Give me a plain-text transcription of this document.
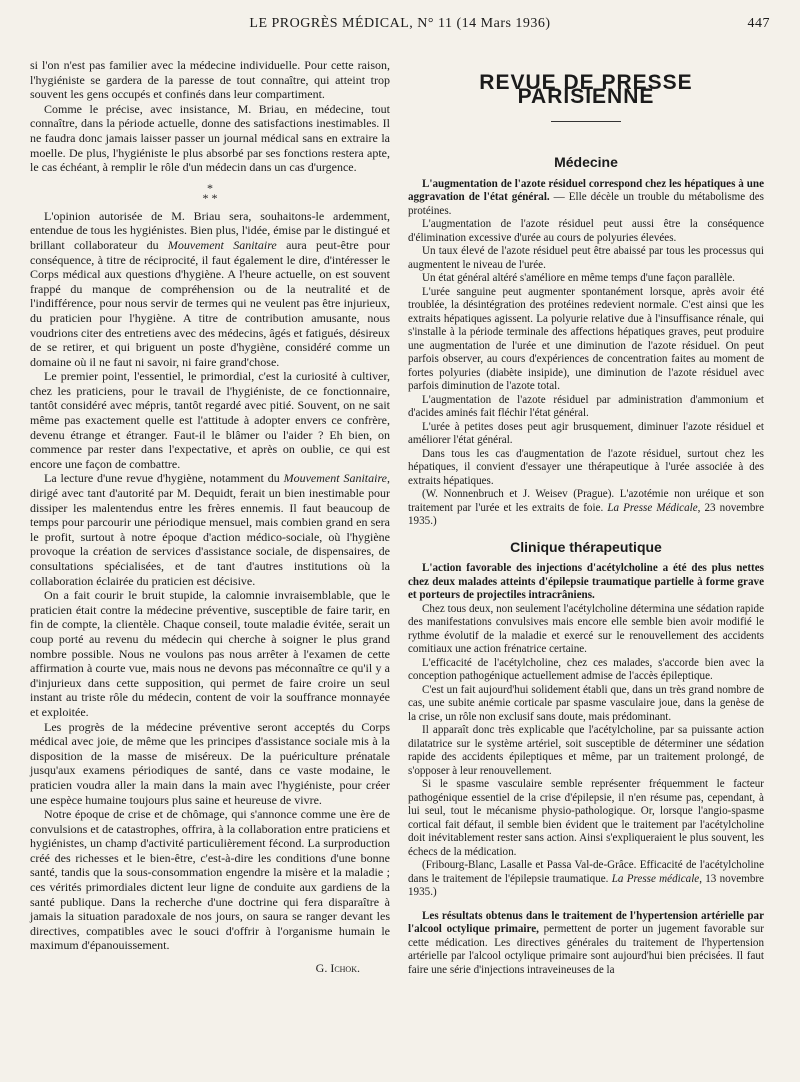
LE PROGRÈS MÉDICAL, N° 11 (14 Mars 1936)	447

si l'on n'est pas familier avec la médecine individuelle. Pour cette raison, l'hygiéniste se gardera de la paresse de tout connaître, qui atteint trop souvent les gens occupés et confinés dans leur compartiment.

Comme le précise, avec insistance, M. Briau, en médecine, tout connaître, dans la période actuelle, donne des satisfactions inestimables. Il ne faudra donc jamais laisser passer un journal médical sans en extraire la moelle. De plus, l'hygiéniste le plus absorbé par ses fonctions restera apte, le cas échéant, à remplir le rôle d'un médecin dans un cas d'urgence.

*
* *

L'opinion autorisée de M. Briau sera, souhaitons-le ardemment, entendue de tous les hygiénistes. Bien plus, l'idée, émise par le distingué et brillant collaborateur du Mouvement Sanitaire aura peut-être pour conséquence, à titre de réciprocité, il faut également le dire, d'intéresser le Corps médical aux questions d'hygiène. A l'heure actuelle, on est souvent frappé du manque de compréhension ou de la neutralité et de l'indifférence, pour nous servir de termes qui ne veulent pas être injurieux, du praticien pour l'hygiène. A titre de contribution amusante, nous voudrions citer des entretiens avec des médecins, âgés et fatigués, désireux de se retirer, et qui briguent un poste d'hygiène, considéré comme un domaine où il ne faut ni savoir, ni faire grand'chose.

Le premier point, l'essentiel, le primordial, c'est la curiosité à cultiver, chez les praticiens, pour le travail de l'hygiéniste, de ce fonctionnaire, tantôt considéré avec mépris, tantôt regardé avec pitié. Souvent, on ne sait même pas exactement quelle est l'attitude à adopter envers ce confrère, devenu étrange et étranger. Faut-il le blâmer ou l'aider ? Eh bien, on commence par rester dans l'expectative, et après on oublie, ce qui est encore une façon de combattre.

La lecture d'une revue d'hygiène, notamment du Mouvement Sanitaire, dirigé avec tant d'autorité par M. Dequidt, ferait un bien inestimable pour dissiper les malentendus entre les frères ennemis. Il faut beaucoup de temps pour parcourir une périodique mensuel, mais combien grand en sera le profit, surtout à notre époque d'action médico-sociale, où l'hygiène provoque la création de services d'assistance sociale, de dispensaires, de consultations spécialisées, et de tant d'autres institutions où la collaboration éclairée du praticien est décisive.

On a fait courir le bruit stupide, la calomnie invraisemblable, que le praticien était contre la médecine préventive, susceptible de faire tarir, en fin de compte, la clientèle. Chaque conseil, toute maladie évitée, serait un coup porté au revenu du médecin qui cherche à soigner le plus grand nombre possible. Nous ne voulons pas nous arrêter à l'examen de cette affirmation à courte vue, mais nous ne devons pas méconnaître ce qu'il y a d'injurieux dans cette supposition, qui permet de faire croire un seul instant au triste rôle du médecin, content de voir la souffrance monnayée et exploitée.

Les progrès de la médecine préventive seront acceptés du Corps médical avec joie, de même que les principes d'assistance sociale mis à la disposition de la masse de miséreux. De la puériculture prénatale jusqu'aux examens périodiques de santé, dans ce vaste modaine, le praticien voudra aller la main dans la main avec l'hygiéniste, pour créer une espèce humaine toujours plus saine et heureuse de vivre.

Notre époque de crise et de chômage, qui s'annonce comme une ère de convulsions et de catastrophes, offrira, à la collaboration entre praticiens et hygiénistes, un champ d'activité particulièrement fécond. La surproduction créé des richesses et le bien-être, c'est-à-dire les conditions d'une bonne santé, tandis que la sous-consommation engendre la misère et la maladie ; ces vérités primordiales dictent leur ligne de conduite aux gardiens de la santé publique. Dans la recherche d'une doctrine qui fera disparaître à jamais la situation paradoxale de nos jours, on saura se ranger devant les directives, compatibles avec le souci d'offrir à l'organisme humain le maximum d'épanouissement.

G. Ichok.
REVUE DE PRESSE PARISIENNE
Médecine

L'augmentation de l'azote résiduel correspond chez les hépatiques à une aggravation de l'état général. — Elle décèle un trouble du métabolisme des protéines.

L'augmentation de l'azote résiduel peut aussi être la conséquence d'élimination excessive d'urée au cours de polyuries élevées.

Un taux élevé de l'azote résiduel peut être abaissé par tous les processus qui augmentent le niveau de l'urée.

Un état général altéré s'améliore en même temps d'une façon parallèle.

L'urée sanguine peut augmenter spontanément lorsque, après avoir été troublée, la désintégration des protéines redevient normale. C'est ainsi que les extraits hépatiques agissent. La polyurie relative due à l'insuffisance rénale, qui s'installe à la période terminale des affections hépatiques graves, peut produire une augmentation de l'urée et une diminution de l'azote résiduel. On peut parfois observer, au cours d'expériences de concentration faites au moment de fortes polyuries (diabète insipide), une diminution de l'azote résiduel avec parfois diminution de l'azote total.

L'augmentation de l'azote résiduel par administration d'ammonium et d'acides aminés fait fléchir l'état général.

L'urée à petites doses peut agir brusquement, diminuer l'azote résiduel et améliorer l'état général.

Dans tous les cas d'augmentation de l'azote résiduel, surtout chez les hépatiques, il convient d'essayer une thérapeutique à l'urée associée à des extraits hépatiques.

(W. Nonnenbruch et J. Weisev (Prague). L'azotémie non uréique et son traitement par l'urée et les extraits de foie. La Presse Médicale, 23 novembre 1935.)

Clinique thérapeutique

L'action favorable des injections d'acétylcholine a été des plus nettes chez deux malades atteints d'épilepsie traumatique partielle à forme grave et porteurs de projectiles intracrâniens.

Chez tous deux, non seulement l'acétylcholine détermina une sédation rapide des manifestations convulsives mais encore elle semble bien avoir modifié le rythme évolutif de la maladie et exercé sur le renouvellement des accidents comitiaux une action frénatrice certaine.

L'efficacité de l'acétylcholine, chez ces malades, s'accorde bien avec la conception pathogénique actuellement admise de l'accès épileptique.

C'est un fait aujourd'hui solidement établi que, dans un très grand nombre de cas, une subite anémie corticale par spasme vasculaire joue, dans la genèse de la crise, un rôle non exclusif sans doute, mais prédominant.

Il apparaît donc très explicable que l'acétylcholine, par sa puissante action dilatatrice sur le système artériel, soit susceptible de déterminer une sédation rapide des accidents épileptiques et même, par un traitement prolongé, de s'opposer à leur renouvellement.

Si le spasme vasculaire semble représenter fréquemment le facteur pathogénique essentiel de la crise d'épilepsie, il n'en résume pas, cependant, à lui seul, tout le mécanisme physio-pathologique. Or, lorsque l'angio-spasme cortical fait défaut, il semble bien évident que le traitement par l'acétylcholine doit inévitablement rester sans action. Ainsi s'expliqueraient le plus souvent, les échecs de la médication.

(Fribourg-Blanc, Lasalle et Passa Val-de-Grâce. Efficacité de l'acétylcholine dans le traitement de l'épilepsie traumatique. La Presse médicale, 13 novembre 1935.)

Les résultats obtenus dans le traitement de l'hypertension artérielle par l'alcool octylique primaire, permettent de porter un jugement favorable sur cette médication. Les directives générales du traitement de l'hypertension artérielle par l'alcool octylique primaire sont aujourd'hui bien précisées. Il faut faire une série d'injections intraveineuses de la
